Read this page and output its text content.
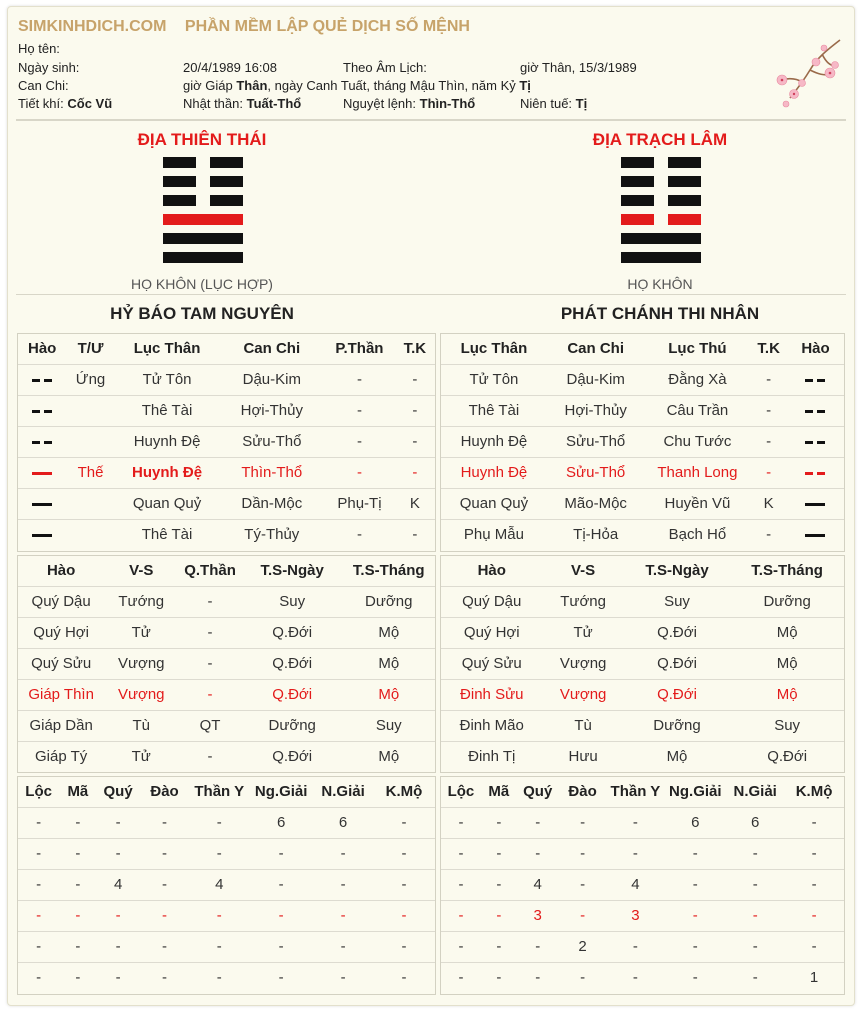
SIMKINHDICH.COM PHẦN MỀM LẬP QUẺ DỊCH SỐ MỆNH
Họ tên:
Ngày sinh:	20/4/1989 16:08	Theo Âm Lịch:	giờ Thân, 15/3/1989
Can Chi:	giờ Giáp Thân, ngày Canh Tuất, tháng Mậu Thìn, năm Kỷ Tị
Tiết khí: Cốc Vũ	Nhật thần: Tuất-Thổ	Nguyệt lệnh: Thìn-Thổ	Niên tuế: Tị
ĐỊA THIÊN THÁI
HỌ KHÔN (LỤC HỢP)
HỶ BÁO TAM NGUYÊN
ĐỊA TRẠCH LÂM
HỌ KHÔN
PHÁT CHÁNH THI NHÂN
Hào	T/Ư	Lục Thân	Can Chi	P.Thần	T.K

	Ứng	Tử Tôn	Dậu-Kim	-	-

		Thê Tài	Hợi-Thủy	-	-

		Huynh Đệ	Sửu-Thổ	-	-

	Thế	Huynh Đệ	Thìn-Thổ	-	-

		Quan Quỷ	Dần-Mộc	Phụ-Tị	K

		Thê Tài	Tý-Thủy	-	-
Lục Thân	Can Chi	Lục Thú	T.K	Hào
Tử Tôn	Dậu-Kim	Đằng Xà	-	

Thê Tài	Hợi-Thủy	Câu Trần	-	

Huynh Đệ	Sửu-Thổ	Chu Tước	-	

Huynh Đệ	Sửu-Thổ	Thanh Long	-	

Quan Quỷ	Mão-Mộc	Huyền Vũ	K	

Phụ Mẫu	Tị-Hỏa	Bạch Hổ	-	
Hào	V-S	Q.Thần	T.S-Ngày	T.S-Tháng
Quý Dậu	Tướng	-	Suy	Dưỡng
Quý Hợi	Tử	-	Q.Đới	Mộ
Quý Sửu	Vượng	-	Q.Đới	Mộ
Giáp Thìn	Vượng	-	Q.Đới	Mộ
Giáp Dần	Tù	QT	Dưỡng	Suy
Giáp Tý	Tử	-	Q.Đới	Mộ
Hào	V-S	T.S-Ngày	T.S-Tháng
Quý Dậu	Tướng	Suy	Dưỡng
Quý Hợi	Tử	Q.Đới	Mộ
Quý Sửu	Vượng	Q.Đới	Mộ
Đinh Sửu	Vượng	Q.Đới	Mộ
Đinh Mão	Tù	Dưỡng	Suy
Đinh Tị	Hưu	Mộ	Q.Đới
Lộc	Mã	Quý	Đào	Thần Y	Ng.Giải	N.Giải	K.Mộ
-	-	-	-	-	6	6	-
-	-	-	-	-	-	-	-
-	-	4	-	4	-	-	-
-	-	-	-	-	-	-	-
-	-	-	-	-	-	-	-
-	-	-	-	-	-	-	-
Lộc	Mã	Quý	Đào	Thần Y	Ng.Giải	N.Giải	K.Mộ
-	-	-	-	-	6	6	-
-	-	-	-	-	-	-	-
-	-	4	-	4	-	-	-
-	-	3	-	3	-	-	-
-	-	-	2	-	-	-	-
-	-	-	-	-	-	-	1
